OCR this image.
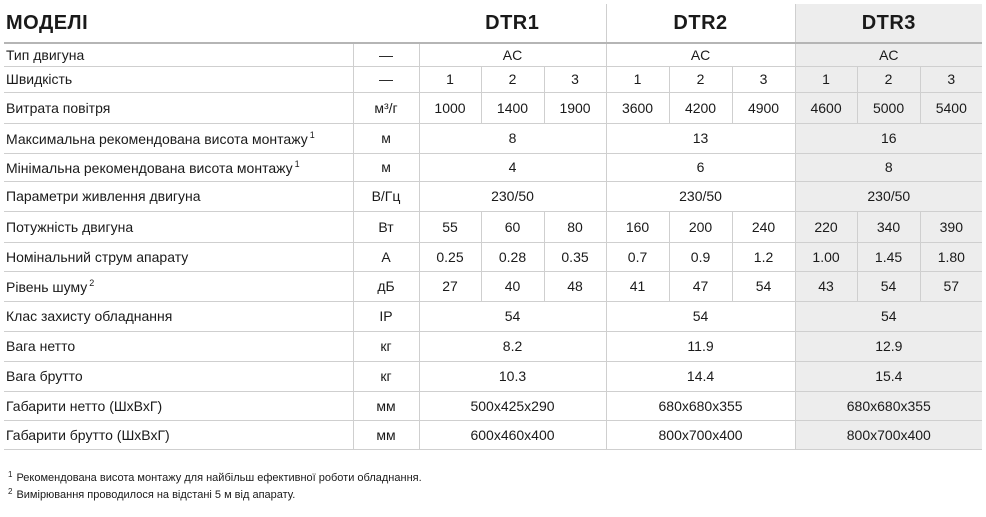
МОДЕЛІ		DTR1			DTR2			DTR3		
Тип двигуна	—	AC			AC			AC		
Швидкість	—	1	2	3	1	2	3	1	2	3
Витрата повітря	м³/г	1000	1400	1900	3600	4200	4900	4600	5000	5400
Максимальна рекомендована висота монтажу $^1$	м	8			13			16		
Мінімальна рекомендована висота монтажу $^1$	м	4			6			8		
Параметри живлення двигуна	В/Гц	230/50			230/50			230/50		
Потужність двигуна	Вт	55	60	80	160	200	240	220	340	390
Номінальний струм апарату	А	0.25	0.28	0.35	0.7	0.9	1.2	1.00	1.45	1.80
Рівень шуму $^2$	дБ	27	40	48	41	47	54	43	54	57
Клас захисту обладнання	IP	54			54			54		
Вага нетто	кг	8.2			11.9			12.9		
Вага брутто	кг	10.3			14.4			15.4		
Габарити нетто (ШхВхГ)	мм	500x425x290			680x680x355			680x680x355		
Габарити брутто (ШхВхГ)	мм	600x460x400			800x700x400			800x700x400		
$^1$ Рекомендована висота монтажу для найбільш ефективної роботи обладнання.
$^2$ Вимірювання проводилося на відстані 5 м від апарату.
